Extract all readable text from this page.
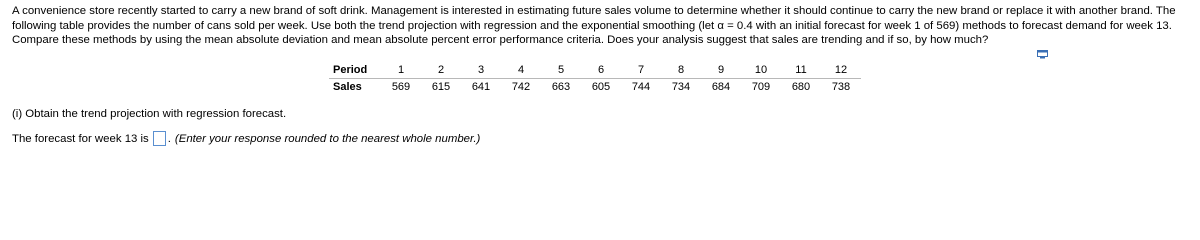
A convenience store recently started to carry a new brand of soft drink. Management is interested in estimating future sales volume to determine whether it should continue to carry the new brand or replace it with another brand. The following table provides the number of cans sold per week. Use both the trend projection with regression and the exponential smoothing (let α = 0.4 with an initial forecast for week 1 of 569) methods to forecast demand for week 13. Compare these methods by using the mean absolute deviation and mean absolute percent error performance criteria. Does your analysis suggest that sales are trending and if so, by how much?

Period	1	2	3	4	5	6	7	8	9	10	11	12
Sales	569	615	641	742	663	605	744	734	684	709	680	738

(i) Obtain the trend projection with regression forecast.

The forecast for week 13 is . (Enter your response rounded to the nearest whole number.)
